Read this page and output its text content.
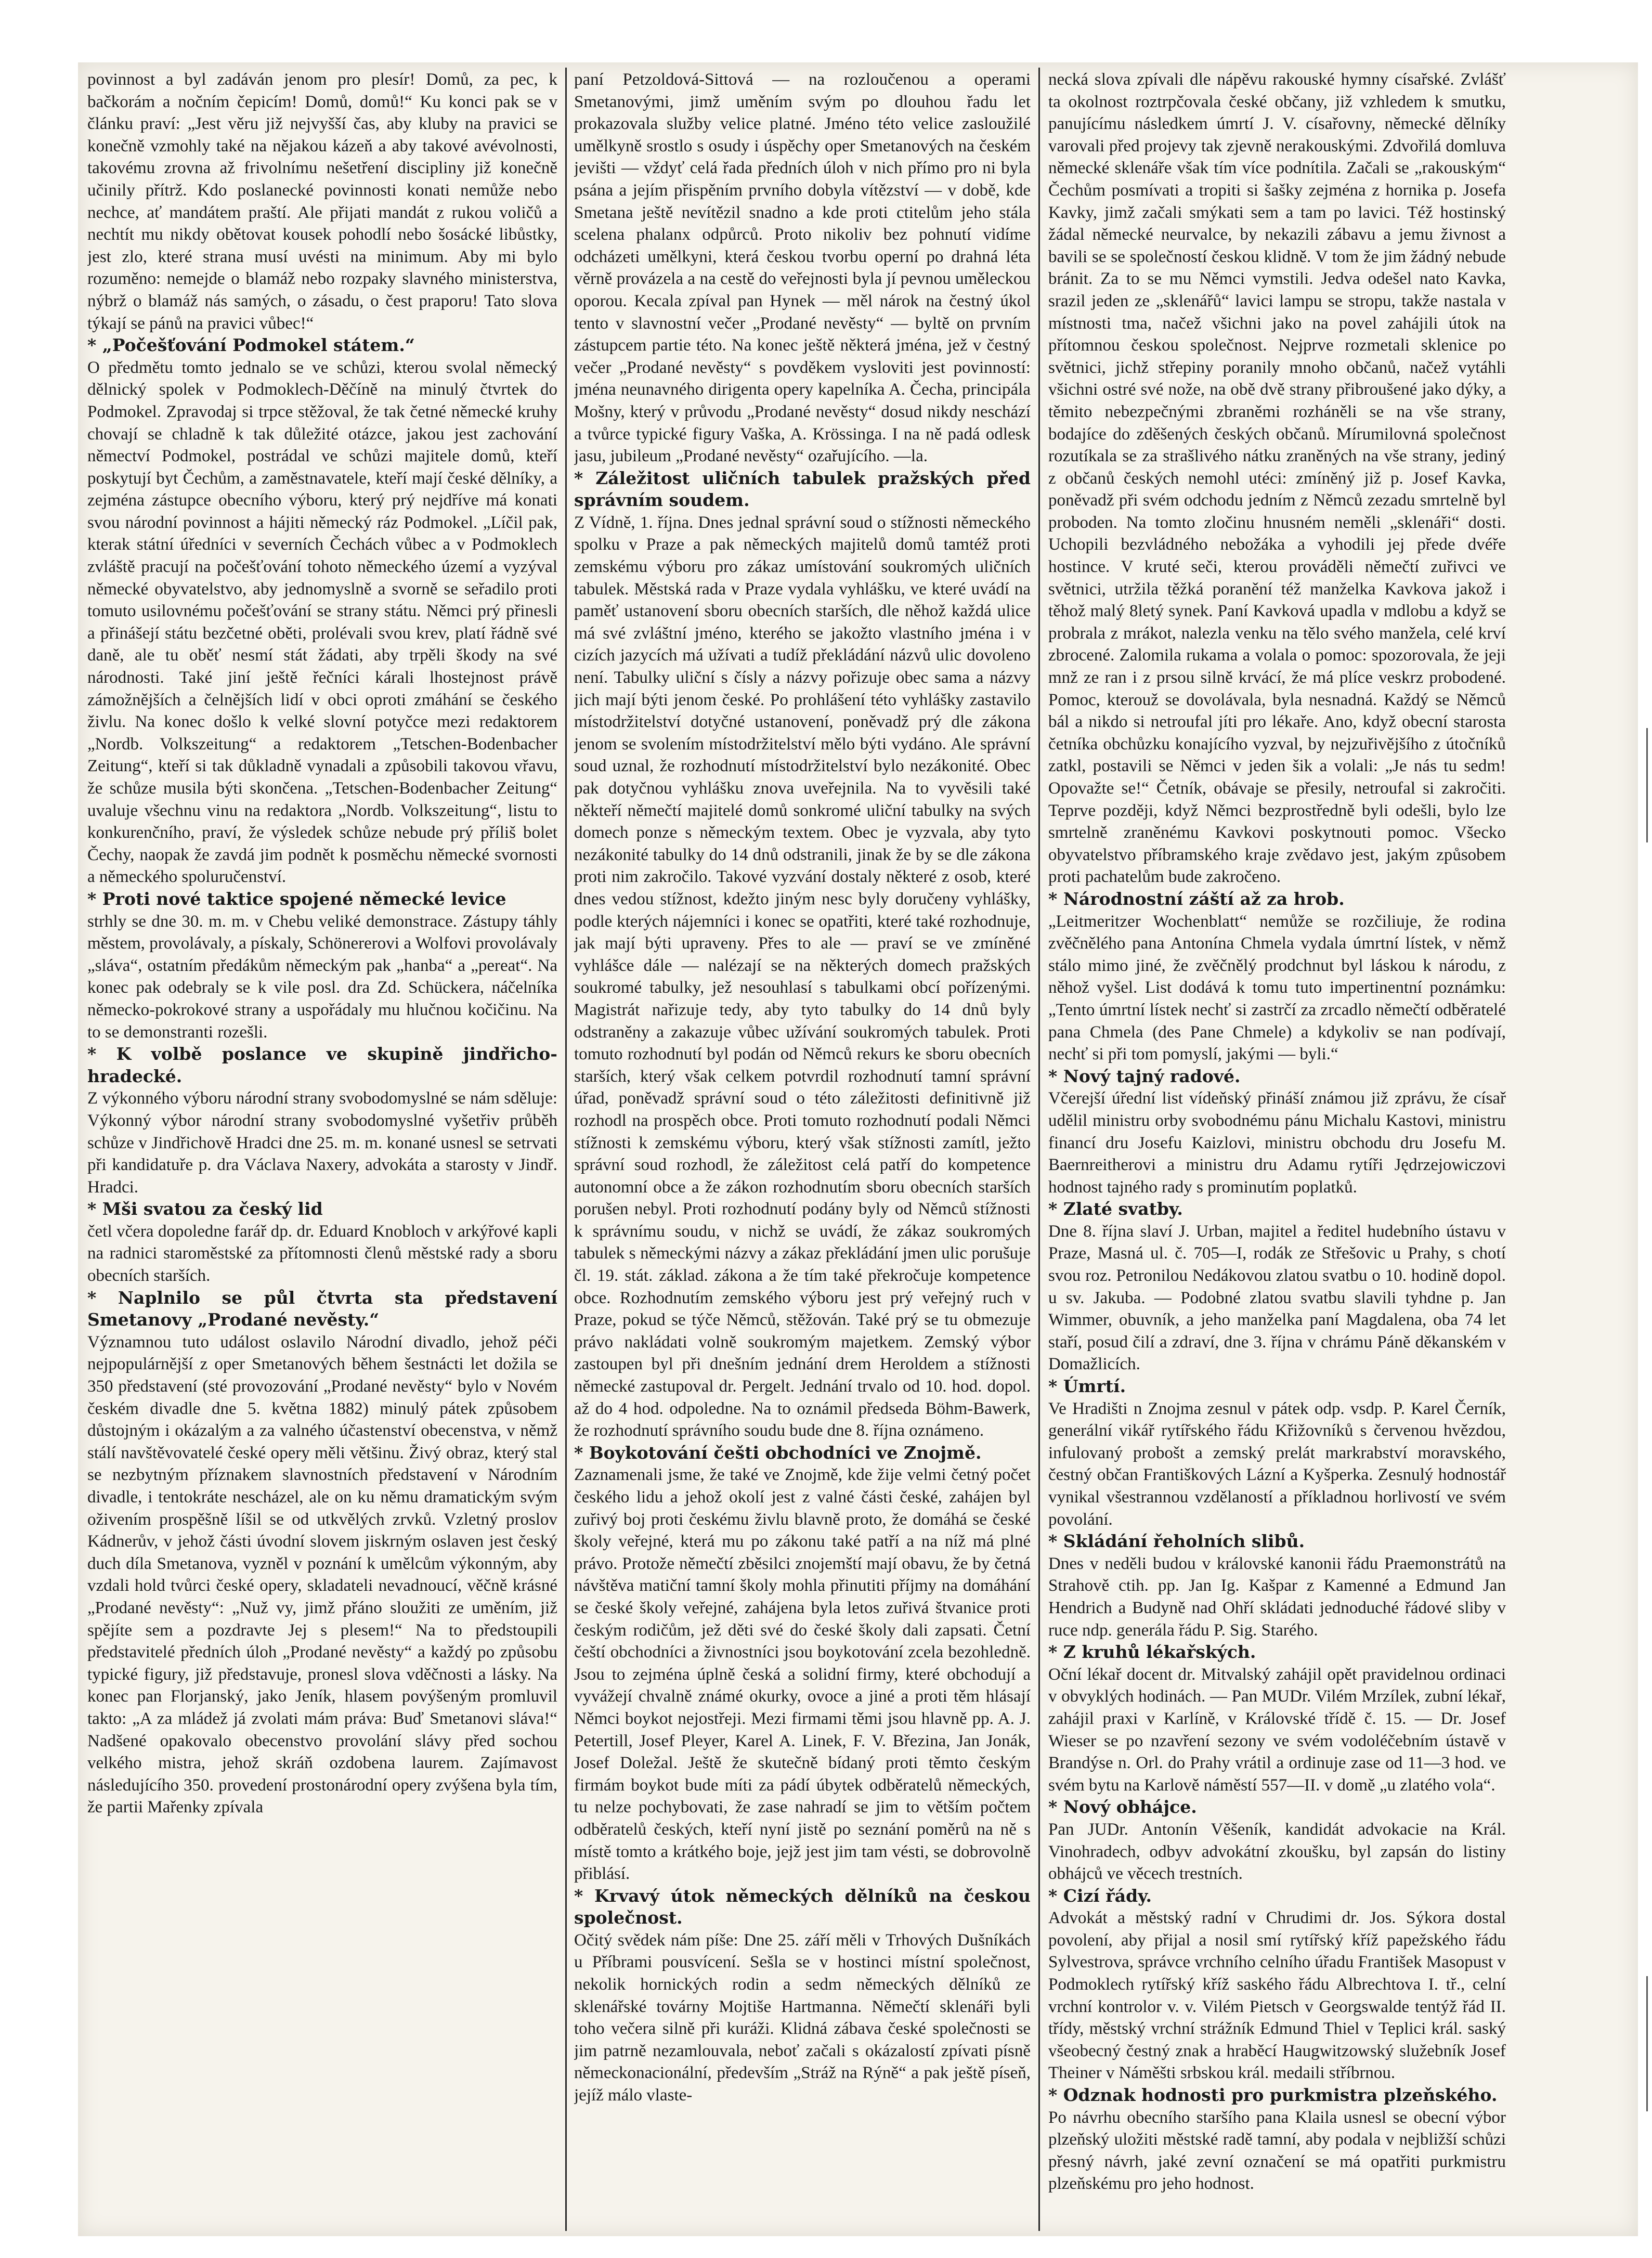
povinnost a byl zadáván jenom pro plesír! Domů, za pec, k bačkorám a nočním čepicím! Domů, domů!“ Ku konci pak se v článku praví: „Jest věru již nejvyšší čas, aby kluby na pravici se konečně vzmohly také na nějakou kázeň a aby takové avévolnosti, takovému zrovna až frivolnímu nešetření discipliny již konečně učinily přítrž. Kdo poslanecké povinnosti konati nemůže nebo nechce, ať mandátem praští. Ale přijati mandát z rukou voličů a nechtít mu nikdy obětovat kousek pohodlí nebo šosácké libůstky, jest zlo, které strana musí uvésti na minimum. Aby mi bylo rozuměno: nemejde o blamáž nebo rozpaky slavného ministerstva, nýbrž o blamáž nás samých, o zásadu, o čest praporu! Tato slova týkají se pánů na pravici vůbec!“

* „Počešťování Podmokel státem.“

O předmětu tomto jednalo se ve schůzi, kterou svolal německý dělnický spolek v Podmoklech-Děčíně na minulý čtvrtek do Podmokel. Zpravodaj si trpce stěžoval, že tak četné německé kruhy chovají se chladně k tak důležité otázce, jakou jest zachování němectví Podmokel, postrádal ve schůzi majitele domů, kteří poskytují byt Čechům, a zaměstnavatele, kteří mají české dělníky, a zejména zástupce obecního výboru, který prý nejdříve má konati svou národní povinnost a hájiti německý ráz Podmokel. „Líčil pak, kterak státní úředníci v severních Čechách vůbec a v Podmoklech zvláště pracují na počešťování tohoto německého území a vyzýval německé obyvatelstvo, aby jednomyslně a svorně se seřadilo proti tomuto usilovnému počešťování se strany státu. Němci prý přinesli a přinášejí státu bezčetné oběti, prolévali svou krev, platí řádně své daně, ale tu oběť nesmí stát žádati, aby trpěli škody na své národnosti. Také jiní ještě řečníci kárali lhostejnost právě zámožnějších a čelnějších lidí v obci oproti zmáhání se českého živlu. Na konec došlo k velké slovní potyčce mezi redaktorem „Nordb. Volkszeitung“ a redaktorem „Tetschen-Bodenbacher Zeitung“, kteří si tak důkladně vynadali a způsobili takovou vřavu, že schůze musila býti skončena. „Tetschen-Bodenbacher Zeitung“ uvaluje všechnu vinu na redaktora „Nordb. Volkszeitung“, listu to konkurenčního, praví, že výsledek schůze nebude prý příliš bolet Čechy, naopak že zavdá jim podnět k posměchu německé svornosti a německého spoluručenství.

* Proti nové taktice spojené německé levice

strhly se dne 30. m. m. v Chebu veliké demonstrace. Zástupy táhly městem, provolávaly, a pískaly, Schönererovi a Wolfovi provolávaly „sláva“, ostatním předákům německým pak „hanba“ a „pereat“. Na konec pak odebraly se k vile posl. dra Zd. Schückera, náčelníka německo-pokrokové strany a uspořádaly mu hlučnou kočičinu. Na to se demonstranti rozešli.

* K volbě poslance ve skupině jindřicho-hradecké.

Z výkonného výboru národní strany svobodomyslné se nám sděluje: Výkonný výbor národní strany svobodomyslné vyšetřiv průběh schůze v Jindřichově Hradci dne 25. m. m. konané usnesl se setrvati při kandidatuře p. dra Václava Naxery, advokáta a starosty v Jindř. Hradci.

* Mši svatou za český lid

četl včera dopoledne farář dp. dr. Eduard Knobloch v arkýřové kapli na radnici staroměstské za přítomnosti členů městské rady a sboru obecních starších.

* Naplnilo se půl čtvrta sta představení Smetanovy „Prodané nevěsty.“

Významnou tuto událost oslavilo Národní divadlo, jehož péči nejpopulárnější z oper Smetanových během šestnácti let dožila se 350 představení (sté provozování „Prodané nevěsty“ bylo v Novém českém divadle dne 5. května 1882) minulý pátek způsobem důstojným i okázalým a za valného účastenství obecenstva, v němž stálí navštěvovatelé české opery měli většinu. Živý obraz, který stal se nezbytným příznakem slavnostních představení v Národním divadle, i tentokráte nescházel, ale on ku němu dramatickým svým oživením prospěšně líšil se od utkvělých zrvků. Vzletný proslov Kádnerův, v jehož části úvodní slovem jiskrným oslaven jest český duch díla Smetanova, vyzněl v poznání k umělcům výkonným, aby vzdali hold tvůrci české opery, skladateli nevadnoucí, věčně krásné „Prodané nevěsty“: „Nuž vy, jimž přáno sloužiti ze uměním, již spějíte sem a pozdravte Jej s plesem!“ Na to předstoupili představitelé předních úloh „Prodané nevěsty“ a každý po způsobu typické figury, již představuje, pronesl slova vděčnosti a lásky. Na konec pan Florjanský, jako Jeník, hlasem povýšeným promluvil takto: „A za mládež já zvolati mám práva: Buď Smetanovi sláva!“ Nadšené opakovalo obecenstvo provolání slávy před sochou velkého mistra, jehož skráň ozdobena laurem. Zajímavost následujícího 350. provedení prostonárodní opery zvýšena byla tím, že partii Mařenky zpívala

paní Petzoldová-Sittová — na rozloučenou a operami Smetanovými, jimž uměním svým po dlouhou řadu let prokazovala služby velice platné. Jméno této velice zasloužilé umělkyně srostlo s osudy i úspěchy oper Smetanových na českém jevišti — vždyť celá řada předních úloh v nich přímo pro ni byla psána a jejím přispěním prvního dobyla vítězství — v době, kde Smetana ještě nevítězil snadno a kde proti ctitelům jeho stála scelena phalanx odpůrců. Proto nikoliv bez pohnutí vidíme odcházeti umělkyni, která českou tvorbu operní po drahná léta věrně provázela a na cestě do veřejnosti byla jí pevnou uměleckou oporou. Kecala zpíval pan Hynek — měl nárok na čestný úkol tento v slavnostní večer „Prodané nevěsty“ — byltě on prvním zástupcem partie této. Na konec ještě některá jména, jež v čestný večer „Prodané nevěsty“ s povděkem vysloviti jest povinností: jména neunavného dirigenta opery kapelníka A. Čecha, principála Mošny, který v průvodu „Prodané nevěsty“ dosud nikdy neschází a tvůrce typické figury Vaška, A. Krössinga. I na ně padá odlesk jasu, jubileum „Prodané nevěsty“ ozařujícího. —la.

* Záležitost uličních tabulek pražských před správním soudem.

Z Vídně, 1. října. Dnes jednal správní soud o stížnosti německého spolku v Praze a pak německých majitelů domů tamtéž proti zemskému výboru pro zákaz umístování soukromých uličních tabulek. Městská rada v Praze vydala vyhlášku, ve které uvádí na paměť ustanovení sboru obecních starších, dle něhož každá ulice má své zvláštní jméno, kterého se jakožto vlastního jména i v cizích jazycích má užívati a tudíž překládání názvů ulic dovoleno není. Tabulky uliční s čísly a názvy pořizuje obec sama a názvy jich mají býti jenom české. Po prohlášení této vyhlášky zastavilo místodržitelství dotyčné ustanovení, poněvadž prý dle zákona jenom se svolením místodržitelství mělo býti vydáno. Ale správní soud uznal, že rozhodnutí místodržitelství bylo nezákonité. Obec pak dotyčnou vyhlášku znova uveřejnila. Na to vyvěsili také někteří němečtí majitelé domů sonkromé uliční tabulky na svých domech ponze s německým textem. Obec je vyzvala, aby tyto nezákonité tabulky do 14 dnů odstranili, jinak že by se dle zákona proti nim zakročilo. Takové vyzvání dostaly některé z osob, které dnes vedou stížnost, kdežto jiným nesc byly doručeny vyhlášky, podle kterých nájemníci i konec se opatřiti, které také rozhodnuje, jak mají býti upraveny. Přes to ale — praví se ve zmíněné vyhlášce dále — nalézají se na některých domech pražských soukromé tabulky, jež nesouhlasí s tabulkami obcí pořízenými. Magistrát nařizuje tedy, aby tyto tabulky do 14 dnů byly odstraněny a zakazuje vůbec užívání soukromých tabulek. Proti tomuto rozhodnutí byl podán od Němců rekurs ke sboru obecních starších, který však celkem potvrdil rozhodnutí tamní správní úřad, poněvadž správní soud o této záležitosti definitivně již rozhodl na prospěch obce. Proti tomuto rozhodnutí podali Němci stížnosti k zemskému výboru, který však stížnosti zamítl, ježto správní soud rozhodl, že záležitost celá patří do kompetence autonomní obce a že zákon rozhodnutím sboru obecních starších porušen nebyl. Proti rozhodnutí podány byly od Němců stížnosti k správnímu soudu, v nichž se uvádí, že zákaz soukromých tabulek s německými názvy a zákaz překládání jmen ulic porušuje čl. 19. stát. základ. zákona a že tím také překročuje kompetence obce. Rozhodnutím zemského výboru jest prý veřejný ruch v Praze, pokud se týče Němců, stěžován. Také prý se tu obmezuje právo nakládati volně soukromým majetkem. Zemský výbor zastoupen byl při dnešním jednání drem Heroldem a stížnosti německé zastupoval dr. Pergelt. Jednání trvalo od 10. hod. dopol. až do 4 hod. odpoledne. Na to oznámil předseda Böhm-Bawerk, že rozhodnutí správního soudu bude dne 8. října oznámeno.

* Boykotování češti obchodníci ve Znojmě.

Zaznamenali jsme, že také ve Znojmě, kde žije velmi četný počet českého lidu a jehož okolí jest z valné části české, zahájen byl zuřivý boj proti českému živlu blavně proto, že domáhá se české školy veřejné, která mu po zákonu také patří a na níž má plné právo. Protože němečtí zběsilci znojemští mají obavu, že by četná návštěva matiční tamní školy mohla přinutiti příjmy na domáhání se české školy veřejné, zahájena byla letos zuřivá štvanice proti českým rodičům, jež děti své do české školy dali zapsati. Četní čeští obchodníci a živnostníci jsou boykotování zcela bezohledně. Jsou to zejména úplně česká a solidní firmy, které obchodují a vyvážejí chvalně známé okurky, ovoce a jiné a proti těm hlásají Němci boykot nejostřeji. Mezi firmami těmi jsou hlavně pp. A. J. Petertill, Josef Pleyer, Karel A. Linek, F. V. Březina, Jan Jonák, Josef Doležal. Ještě že skutečně bídaný proti těmto českým firmám boykot bude míti za pádí úbytek odběratelů německých, tu nelze pochybovati, že zase nahradí se jim to větším počtem odběratelů českých, kteří nyní jistě po seznání poměrů na ně s místě tomto a krátkého boje, jejž jest jim tam vésti, se dobrovolně přiblásí.

* Krvavý útok německých dělníků na českou společnost.

Očitý svědek nám píše: Dne 25. září měli v Trhových Dušníkách u Příbrami pousvícení. Sešla se v hostinci místní společnost, nekolik hornických rodin a sedm německých dělníků ze sklenářské továrny Mojtiše Hartmanna. Němečtí sklenáři byli toho večera silně při kuráži. Klidná zábava české společnosti se jim patrně nezamlouvala, neboť začali s okázalostí zpívati písně německonacionální, především „Stráž na Rýně“ a pak ještě píseň, jejíž málo vlaste-

necká slova zpívali dle nápěvu rakouské hymny císařské. Zvlášť ta okolnost roztrpčovala české občany, již vzhledem k smutku, panujícímu následkem úmrtí J. V. císařovny, německé dělníky varovali před projevy tak zjevně nerakouskými. Zdvořilá domluva německé sklenáře však tím více podnítila. Začali se „rakouským“ Čechům posmívati a tropiti si šašky zejména z hornika p. Josefa Kavky, jimž začali smýkati sem a tam po lavici. Též hostinský žádal německé neurvalce, by nekazili zábavu a jemu živnost a bavili se se společností českou klidně. V tom že jim žádný nebude bránit. Za to se mu Němci vymstili. Jedva odešel nato Kavka, srazil jeden ze „sklenářů“ lavici lampu se stropu, takže nastala v místnosti tma, načež všichni jako na povel zahájili útok na přítomnou českou společnost. Nejprve rozmetali sklenice po světnici, jichž střepiny poranily mnoho občanů, načež vytáhli všichni ostré své nože, na obě dvě strany přibroušené jako dýky, a těmito nebezpečnými zbraněmi rozháněli se na vše strany, bodajíce do zděšených českých občanů. Mírumilovná společnost rozutíkala se za strašlivého nátku zraněných na vše strany, jediný z občanů českých nemohl utéci: zmíněný již p. Josef Kavka, poněvadž při svém odchodu jedním z Němců zezadu smrtelně byl proboden. Na tomto zločinu hnusném neměli „sklenáři“ dosti. Uchopili bezvládného nebožáka a vyhodili jej přede dvéře hostince. V kruté seči, kterou prováděli němečtí zuřivci ve světnici, utržila těžká poranění též manželka Kavkova jakož i těhož malý 8letý synek. Paní Kavková upadla v mdlobu a když se probrala z mrákot, nalezla venku na tělo svého manžela, celé krví zbrocené. Zalomila rukama a volala o pomoc: spozorovala, že jeji mnž ze ran i z prsou silně krvácí, že má plíce veskrz probodené. Pomoc, kterouž se dovolávala, byla nesnadná. Každý se Němců bál a nikdo si netroufal jíti pro lékaře. Ano, když obecní starosta četníka obchůzku konajícího vyzval, by nejzuřivějšího z útočníků zatkl, postavili se Němci v jeden šik a volali: „Je nás tu sedm! Opovažte se!“ Četník, obávaje se přesily, netroufal si zakročiti. Teprve později, když Němci bezprostředně byli odešli, bylo lze smrtelně zraněnému Kavkovi poskytnouti pomoc. Všecko obyvatelstvo příbramského kraje zvědavo jest, jakým způsobem proti pachatelům bude zakročeno.

* Národnostní záští až za hrob.

„Leitmeritzer Wochenblatt“ nemůže se rozčiliuje, že rodina zvěčnělého pana Antonína Chmela vydala úmrtní lístek, v němž stálo mimo jiné, že zvěčnělý prodchnut byl láskou k národu, z něhož vyšel. List dodává k tomu tuto impertinentní poznámku: „Tento úmrtní lístek nechť si zastrčí za zrcadlo němečtí odběratelé pana Chmela (des Pane Chmele) a kdykoliv se nan podívají, nechť si při tom pomyslí, jakými — byli.“

* Nový tajný radové.

Včerejší úřední list vídeňský přináší známou již zprávu, že císař udělil ministru orby svobodnému pánu Michalu Kastovi, ministru financí dru Josefu Kaizlovi, ministru obchodu dru Josefu M. Baernreitherovi a ministru dru Adamu rytíři Jędrzejowiczovi hodnost tajného rady s prominutím poplatků.

* Zlaté svatby.

Dne 8. října slaví J. Urban, majitel a ředitel hudebního ústavu v Praze, Masná ul. č. 705—I, rodák ze Střešovic u Prahy, s chotí svou roz. Petronilou Nedákovou zlatou svatbu o 10. hodině dopol. u sv. Jakuba. — Podobné zlatou svatbu slavili tyhdne p. Jan Wimmer, obuvník, a jeho manželka paní Magdalena, oba 74 let staří, posud čilí a zdraví, dne 3. října v chrámu Páně děkanském v Domažlicích.

* Úmrtí.

Ve Hradišti n Znojma zesnul v pátek odp. vsdp. P. Karel Černík, generální vikář rytířského řádu Křižovníků s červenou hvězdou, infulovaný probošt a zemský prelát markrabství moravského, čestný občan Františkových Lázní a Kyšperka. Zesnulý hodnostář vynikal všestrannou vzdělaností a příkladnou horlivostí ve svém povolání.

* Skládání řeholních slibů.

Dnes v neděli budou v královské kanonii řádu Praemonstrátů na Strahově ctih. pp. Jan Ig. Kašpar z Kamenné a Edmund Jan Hendrich a Budyně nad Ohří skládati jednoduché řádové sliby v ruce ndp. generála řádu P. Sig. Starého.

* Z kruhů lékařských.

Oční lékař docent dr. Mitvalský zahájil opět pravidelnou ordinaci v obvyklých hodinách. — Pan MUDr. Vilém Mrzílek, zubní lékař, zahájil praxi v Karlíně, v Královské třídě č. 15. — Dr. Josef Wieser se po nzavření sezony ve svém vodoléčebním ústavě v Brandýse n. Orl. do Prahy vrátil a ordinuje zase od 11—3 hod. ve svém bytu na Karlově náměstí 557—II. v domě „u zlatého vola“.

* Nový obhájce.

Pan JUDr. Antonín Věšeník, kandidát advokacie na Král. Vinohradech, odbyv advokátní zkoušku, byl zapsán do listiny obhájců ve věcech trestních.

* Cizí řády.

Advokát a městský radní v Chrudimi dr. Jos. Sýkora dostal povolení, aby přijal a nosil smí rytířský kříž papežského řádu Sylvestrova, správce vrchního celního úřadu František Masopust v Podmoklech rytířský kříž saského řádu Albrechtova I. tř., celní vrchní kontrolor v. v. Vilém Pietsch v Georgswalde tentýž řád II. třídy, městský vrchní strážník Edmund Thiel v Teplici král. saský všeobecný čestný znak a hraběcí Haugwitzowský služebník Josef Theiner v Náměšti srbskou král. medaili stříbrnou.

* Odznak hodnosti pro purkmistra plzeňského.

Po návrhu obecního staršího pana Klaila usnesl se obecní výbor plzeňský uložiti městské radě tamní, aby podala v nejbližší schůzi přesný návrh, jaké zevní označení se má opatřiti purkmistru plzeňskému pro jeho hodnost.
